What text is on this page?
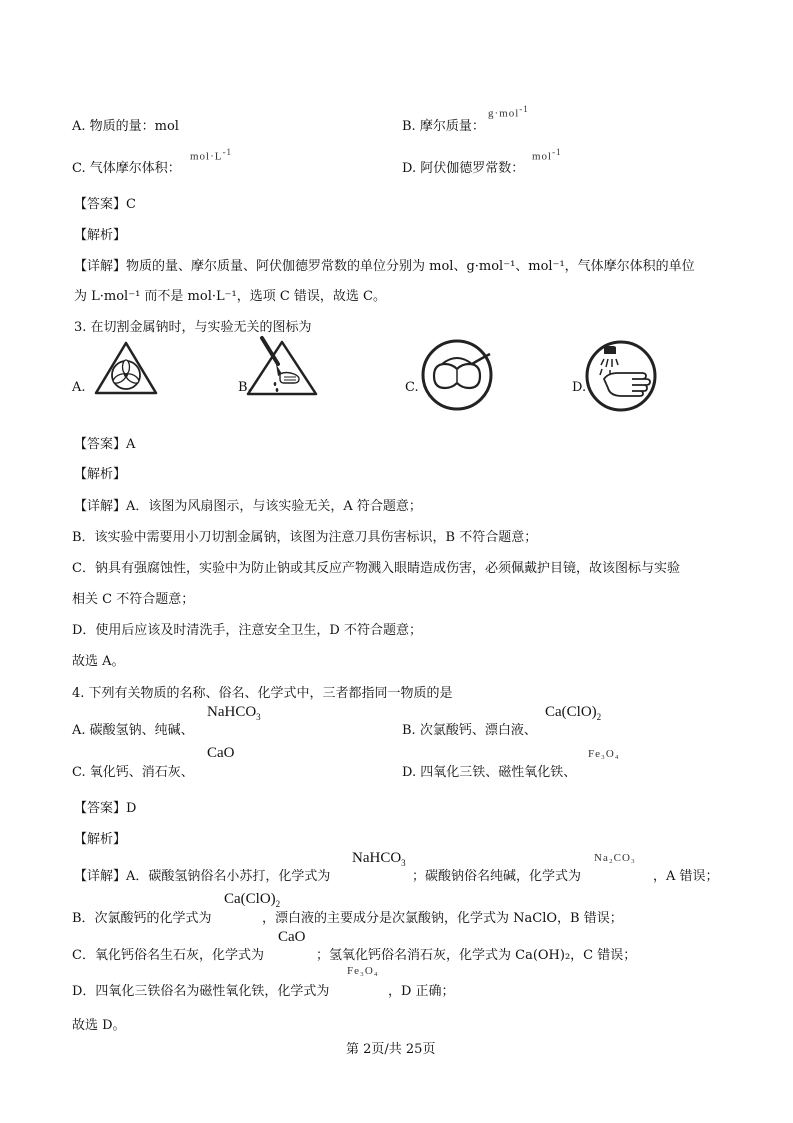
A. 物质的量：mol
g·mol$^{-1}$
B. 摩尔质量：
$mol\cdot L^{-1}$
C. 气体摩尔体积：
mol$^{-1}$
D. 阿伏伽德罗常数：
【答案】C
【解析】
【详解】物质的量、摩尔质量、阿伏伽德罗常数的单位分别为 mol、g·mol⁻¹、mol⁻¹，气体摩尔体积的单位
为 L·mol⁻¹ 而不是 mol·L⁻¹，选项 C 错误，故选 C。
3. 在切割金属钠时，与实验无关的图标为
A.	B.	C.	D.
【答案】A
【解析】
【详解】A．该图为风扇图示，与该实验无关，A 符合题意；
B．该实验中需要用小刀切割金属钠，该图为注意刀具伤害标识，B 不符合题意；
C．钠具有强腐蚀性，实验中为防止钠或其反应产物溅入眼睛造成伤害，必须佩戴护目镜，故该图标与实验
相关 C 不符合题意；
D．使用后应该及时清洗手，注意安全卫生，D 不符合题意；
故选 A。
4. 下列有关物质的名称、俗名、化学式中，三者都指同一物质的是
NaHCO$_3$
A. 碳酸氢钠、纯碱、
$Ca(ClO)_2$
B. 次氯酸钙、漂白液、
CaO
C. 氧化钙、消石灰、
Fe₃O₄
D. 四氧化三铁、磁性氧化铁、
【答案】D
【解析】
NaHCO$_3$	Na₂CO₃
【详解】A．碳酸氢钠俗名小苏打，化学式为	；碳酸钠俗名纯碱，化学式为	，A 错误；
$Ca(ClO)_2$
B．次氯酸钙的化学式为	，漂白液的主要成分是次氯酸钠，化学式为 NaClO，B 错误；
CaO
C．氧化钙俗名生石灰，化学式为	；氢氧化钙俗名消石灰，化学式为 Ca(OH)₂，C 错误；
Fe₃O₄
D．四氧化三铁俗名为磁性氧化铁，化学式为	，D 正确；
故选 D。
第 2页/共 25页
